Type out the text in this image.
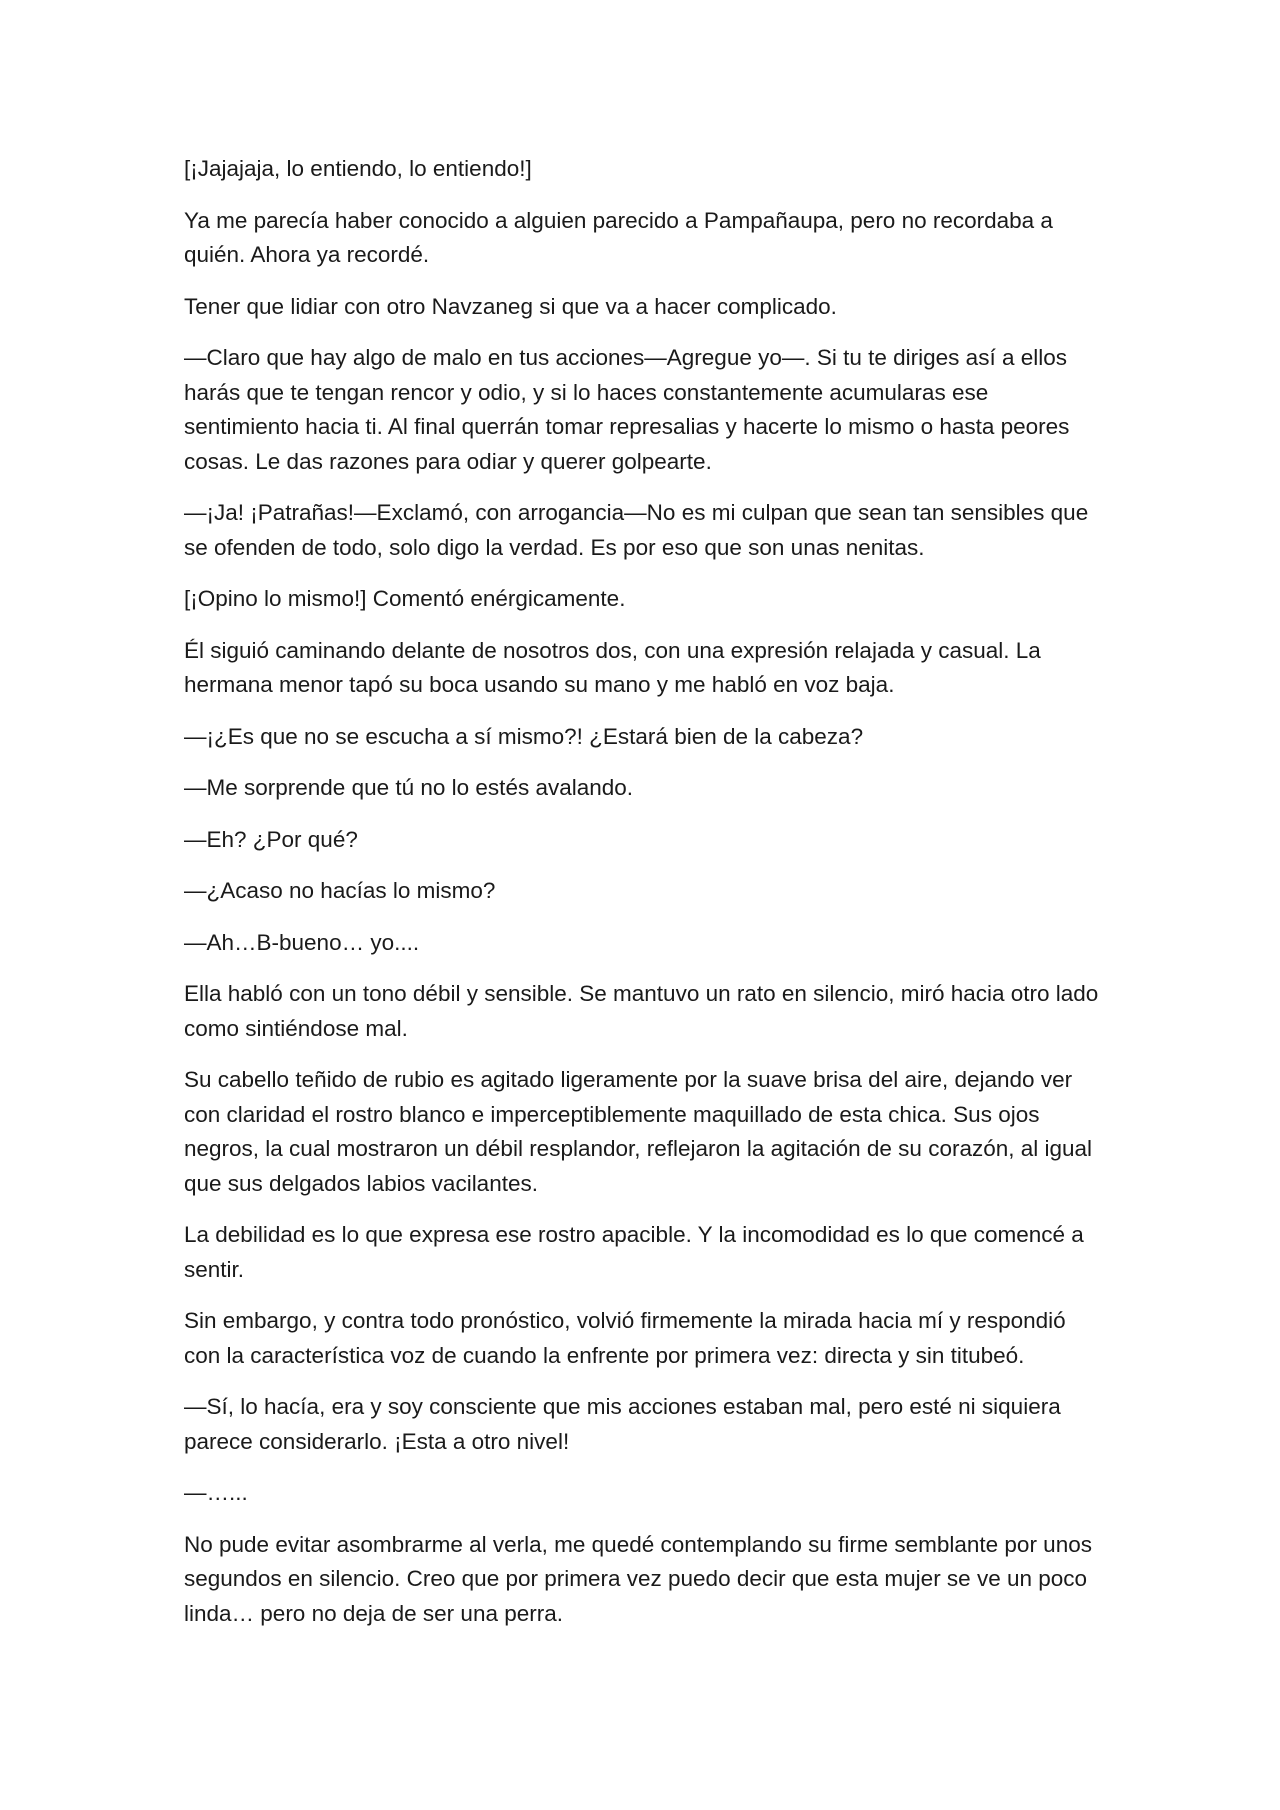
[¡Jajajaja, lo entiendo, lo entiendo!]

Ya me parecía haber conocido a alguien parecido a Pampañaupa, pero no recordaba a quién. Ahora ya recordé.

Tener que lidiar con otro Navzaneg si que va a hacer complicado.

—Claro que hay algo de malo en tus acciones—Agregue yo—. Si tu te diriges así a ellos harás que te tengan rencor y odio, y si lo haces constantemente acumularas ese sentimiento hacia ti. Al final querrán tomar represalias y hacerte lo mismo o hasta peores cosas. Le das razones para odiar y querer golpearte.

—¡Ja! ¡Patrañas!—Exclamó, con arrogancia—No es mi culpan que sean tan sensibles que se ofenden de todo, solo digo la verdad. Es por eso que son unas nenitas.

[¡Opino lo mismo!] Comentó enérgicamente.

Él siguió caminando delante de nosotros dos, con una expresión relajada y casual. La hermana menor tapó su boca usando su mano y me habló en voz baja.

—¡¿Es que no se escucha a sí mismo?! ¿Estará bien de la cabeza?

—Me sorprende que tú no lo estés avalando.

—Eh? ¿Por qué?

—¿Acaso no hacías lo mismo?

—Ah…B-bueno… yo....

Ella habló con un tono débil y sensible. Se mantuvo un rato en silencio, miró hacia otro lado como sintiéndose mal.

Su cabello teñido de rubio es agitado ligeramente por la suave brisa del aire, dejando ver con claridad el rostro blanco e imperceptiblemente maquillado de esta chica. Sus ojos negros, la cual mostraron un débil resplandor, reflejaron la agitación de su corazón, al igual que sus delgados labios vacilantes.

La debilidad es lo que expresa ese rostro apacible. Y la incomodidad es lo que comencé a sentir.

Sin embargo, y contra todo pronóstico, volvió firmemente la mirada hacia mí y respondió con la característica voz de cuando la enfrente por primera vez: directa y sin titubeó.

—Sí, lo hacía, era y soy consciente que mis acciones estaban mal, pero esté ni siquiera parece considerarlo. ¡Esta a otro nivel!

—…...

No pude evitar asombrarme al verla, me quedé contemplando su firme semblante por unos segundos en silencio. Creo que por primera vez puedo decir que esta mujer se ve un poco linda… pero no deja de ser una perra.
